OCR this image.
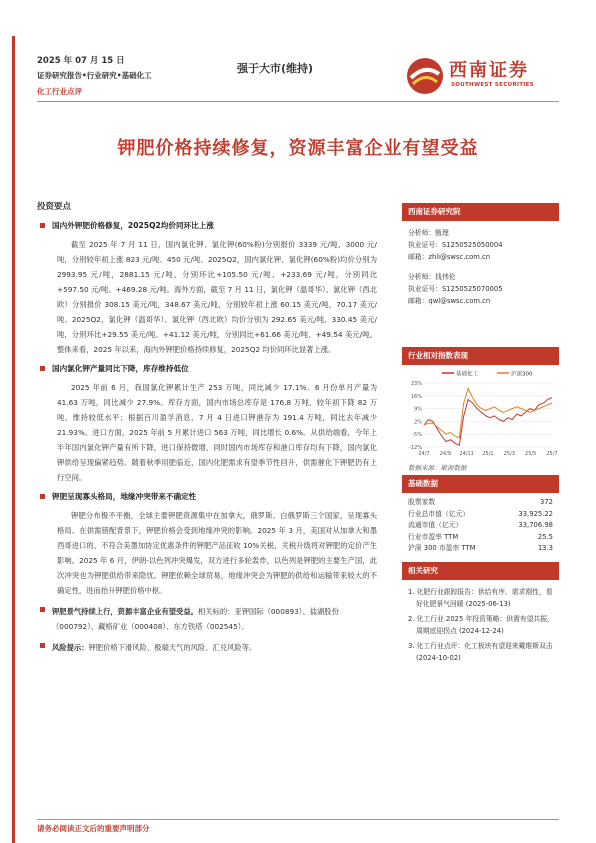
2025 年 07 月 15 日
证券研究报告•行业研究•基础化工
化工行业点评
强于大市(维持)	西南证券
SOUTHWEST SECURITIES
钾肥价格持续修复，资源丰富企业有望受益
投资要点
国内外钾肥价格修复，2025Q2均价同环比上涨
截至 2025 年 7 月 11 日，国内氯化钾、氯化钾(60%粉)分别报价 3339 元/吨、3000 元/吨，分别较年初上涨 823 元/吨、450 元/吨。2025Q2，国内氯化钾、氯化钾(60%粉)均价分别为 2993.95 元/吨，2881.15 元/吨，分别环比+105.50 元/吨、+233.69 元/吨，分别同比+597.50 元/吨、+469.28 元/吨。海外方面，截至 7 月 11 日，氯化钾（温哥华）、氯化钾（西北欧）分别报价 308.15 美元/吨，348.67 美元/吨，分别较年初上涨 60.15 美元/吨，70.17 美元/吨。2025Q2，氯化钾（温哥华）、氯化钾（西北欧）均价分别为 292.65 美元/吨、330.45 美元/吨，分别环比+29.55 美元/吨、+41.12 美元/吨，分别同比+61.66 美元/吨、+49.54 美元/吨。整体来看，2025 年以来，海内外钾肥价格持续修复，2025Q2 均价同环比显著上涨。
国内氯化钾产量同比下降，库存维持低位
2025 年前 6 月，我国氯化钾累计生产 253 万吨，同比减少 17.1%。6 月份单月产量为 41.63 万吨，同比减少 27.9%。库存方面，国内市场总库存是 176.8 万吨，较年初下降 82 万吨，维持较低水平；根据百川盈孚消息，7 月 4 日进口钾港存为 191.4 万吨，同比去年减少 21.93%。进口方面，2025 年前 5 月累计进口 563 万吨，同比增长 0.6%。从供给端看，今年上半年国内氯化钾产量有所下降，进口保持微增，同时国内市场库存和港口库存均有下降，国内氯化钾供给呈现偏紧趋势。随着秋季用肥临近，国内化肥需求有望季节性回升，供需催化下钾肥仍有上行空间。
钾肥呈现寡头格局，地缘冲突带来不确定性
钾肥分布极不平衡，全球主要钾肥资源集中在加拿大，俄罗斯、白俄罗斯三个国家，呈现寡头格局。在供需错配背景下，钾肥价格会受到地缘冲突的影响。2025 年 3 月，美国对从加拿大和墨西哥进口的、不符合美墨加协定优惠条件的钾肥产品征收 10%关税，关税升级将对钾肥的定价产生影响。2025 年 6 月，伊朗-以色列冲突爆发，双方进行多轮轰炸，以色列是钾肥的主要生产国，此次冲突也为钾肥供给带来隐忧。钾肥依赖全球贸易，地缘冲突会为钾肥的供给和运输带来较大的不确定性，进而抬升钾肥价格中枢。
钾肥景气持续上行，资源丰富企业有望受益。相关标的：亚钾国际（000893）、盐湖股份（000792）、藏格矿业（000408）、东方铁塔（002545）。
风险提示：钾肥价格下滑风险、极端天气的风险、汇兑风险等。
西南证券研究院
分析师：甄理
执业证号：S1250525050004
邮箱：zhli@swsc.com.cn
分析师：钱伟伦
执业证号：S1250525070005
邮箱：qwl@swsc.com.cn
行业相对指数表现
基础化工	沪深300
23%
16%
9%
2%
-5%
-12%
24/7 24/9 24/11 25/1 25/3 25/5 25/7
数据来源：聚源数据
基础数据
股票家数	372
行业总市值（亿元）	33,925.22
流通市值（亿元）	33,706.98
行业市盈率 TTM	25.5
沪深 300 市盈率 TTM	13.3
相关研究
1. 化肥行业跟踪报告：供给有序、需求刚性，看好化肥景气回暖 (2025-06-13)
2. 化工行业 2025 年投资策略：供需有望共振，周期底迎拐点 (2024-12-24)
3. 化工行业点评：化工板块有望迎来戴维斯双击 (2024-10-02)
请务必阅读正文后的重要声明部分
